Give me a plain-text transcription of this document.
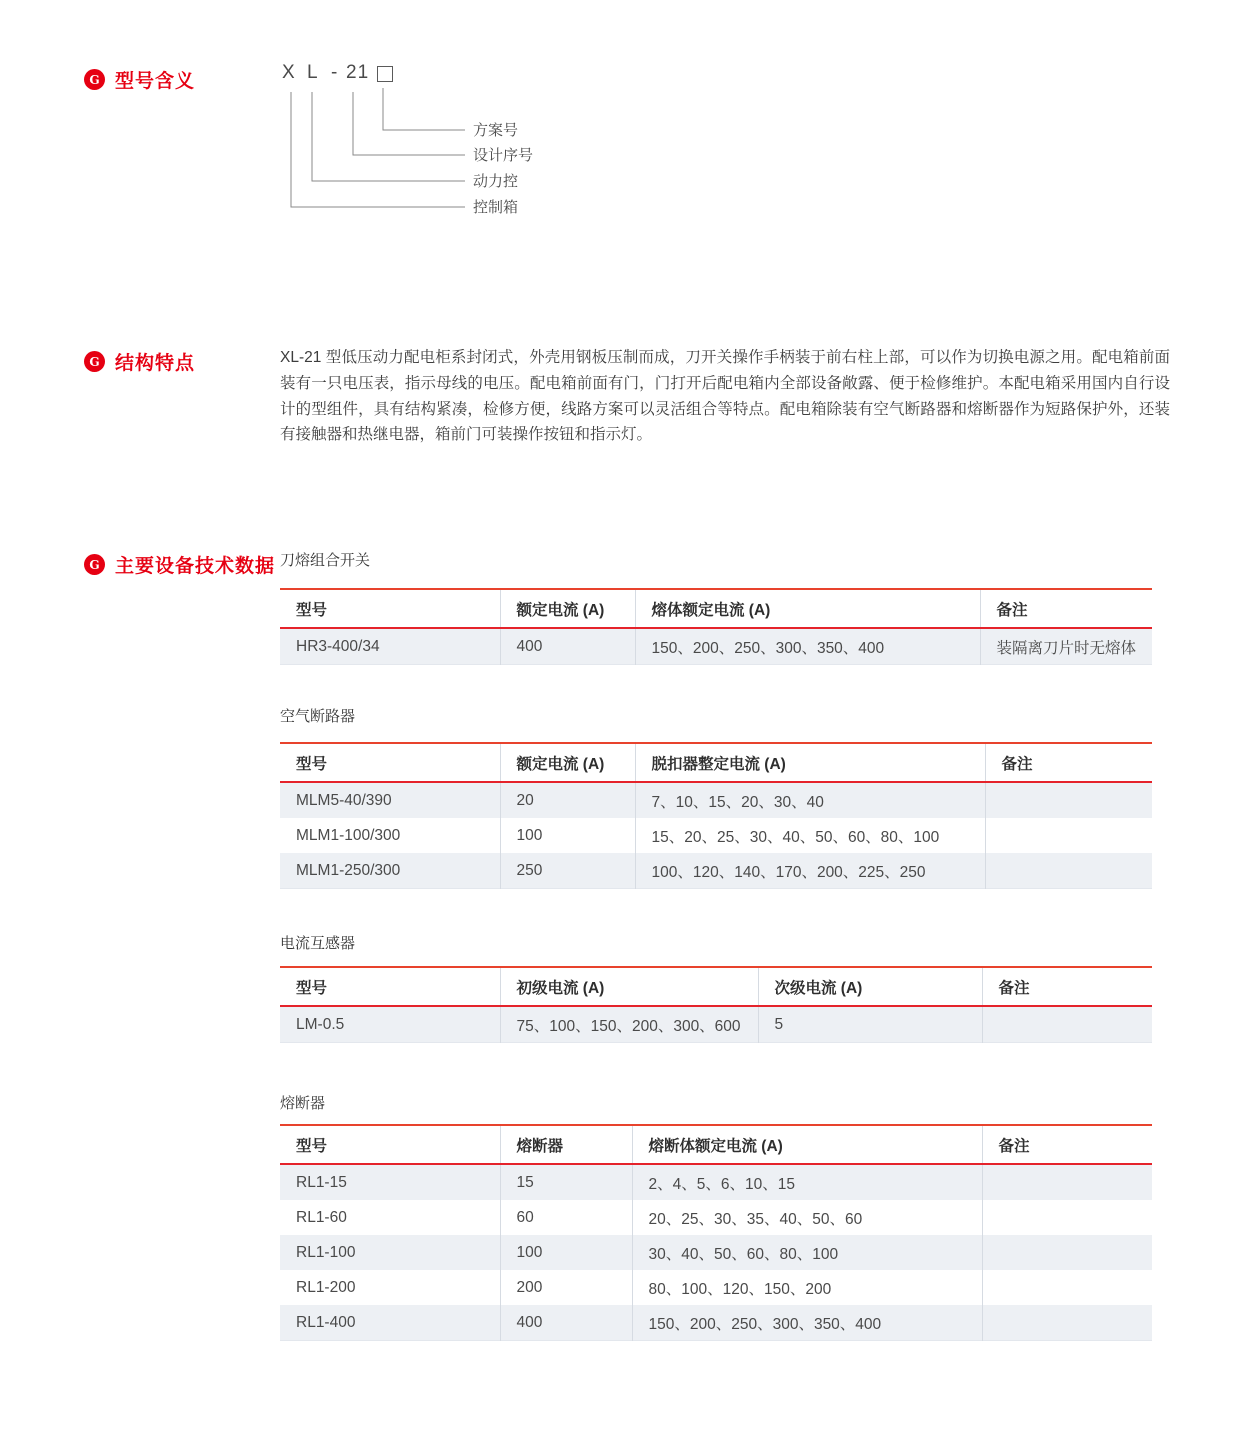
G 型号含义	X L - 21
方案号
设计序号
动力控
控制箱
G 结构特点	XL-21 型低压动力配电柜系封闭式，外壳用钢板压制而成，刀开关操作手柄装于前右柱上部，可以作为切换电源之用。配电箱前面装有一只电压表，指示母线的电压。配电箱前面有门，门打开后配电箱内全部设备敞露、便于检修维护。本配电箱采用国内自行设计的型组件，具有结构紧凑，检修方便，线路方案可以灵活组合等特点。配电箱除装有空气断路器和熔断器作为短路保护外，还装有接触器和热继电器，箱前门可装操作按钮和指示灯。
G 主要设备技术数据 刀熔组合开关
型号	额定电流 (A)	熔体额定电流 (A)	备注
HR3-400/34	400	150、200、250、300、350、400	装隔离刀片时无熔体
空气断路器
型号	额定电流 (A)	脱扣器整定电流 (A)	备注
MLM5-40/390	20	7、10、15、20、30、40	
MLM1-100/300	100	15、20、25、30、40、50、60、80、100	
MLM1-250/300	250	100、120、140、170、200、225、250	
电流互感器
型号	初级电流 (A)	次级电流 (A)	备注
LM-0.5	75、100、150、200、300、600	5	
熔断器
型号	熔断器	熔断体额定电流 (A)	备注
RL1-15	15	2、4、5、6、10、15	
RL1-60	60	20、25、30、35、40、50、60	
RL1-100	100	30、40、50、60、80、100	
RL1-200	200	80、100、120、150、200	
RL1-400	400	150、200、250、300、350、400	
